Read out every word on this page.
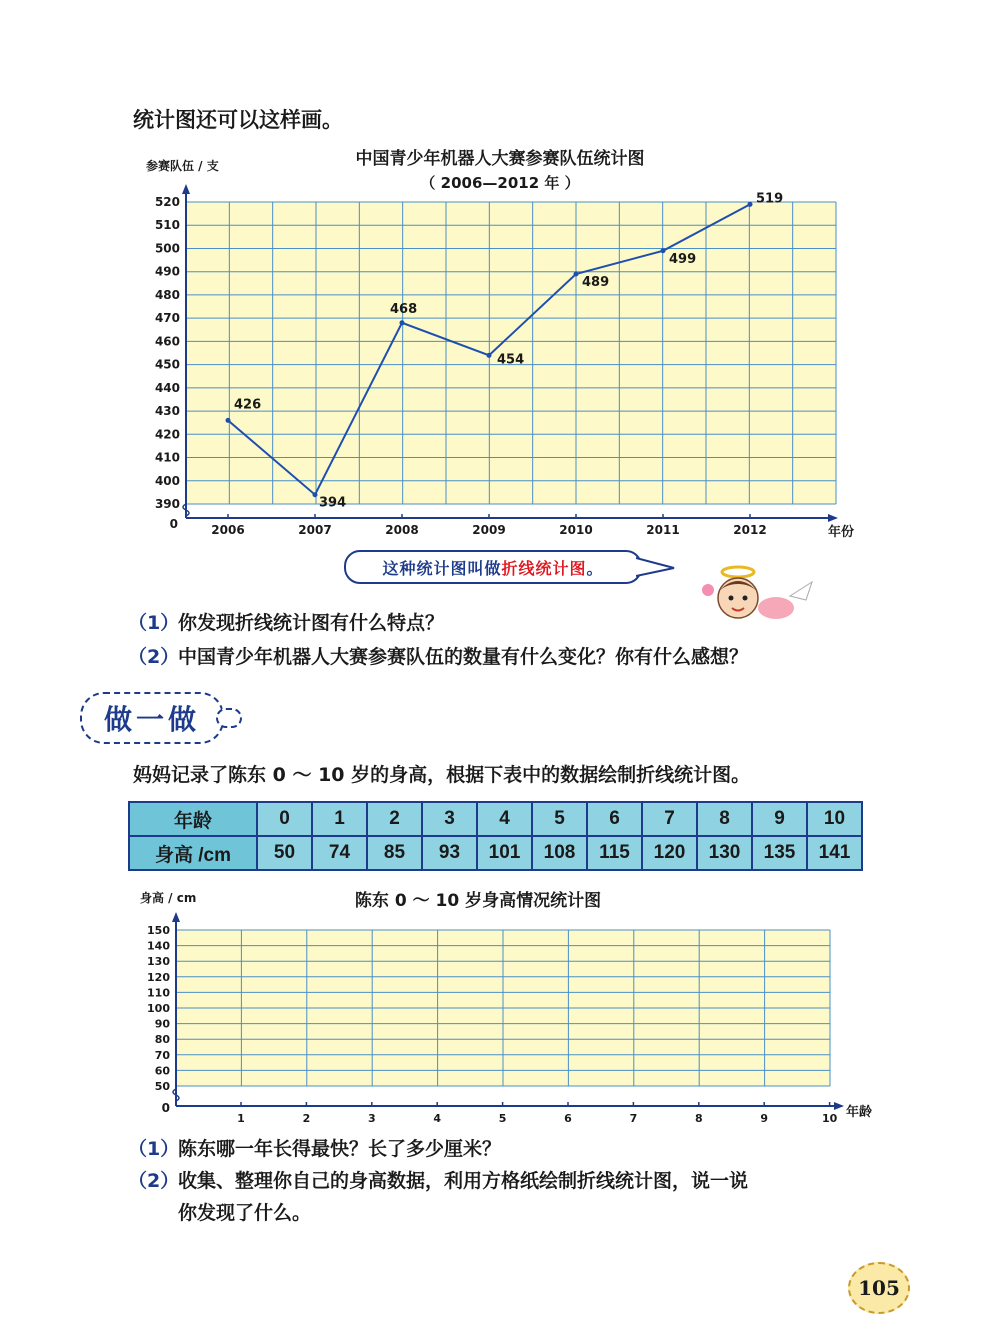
统计图还可以这样画。
中国青少年机器人大赛参赛队伍统计图
（ 2006—2012 年 ）
参赛队伍 / 支
390
400
410
420
430
440
450
460
470
480
490
500
510
520
2006	2007	2008	2009	2010	2011	2012
426
394
468
454
489
499
519
0
年份
这种统计图叫做 折线统计图 。
（1）你发现折线统计图有什么特点？
（2）中国青少年机器人大赛参赛队伍的数量有什么变化？你有什么感想？
做一做
妈妈记录了陈东 0 ～ 10 岁的身高，根据下表中的数据绘制折线统计图。
年龄	0	1	2	3	4	5	6	7	8	9	10
身高 /cm	50	74	85	93	101	108	115	120	130	135	141
陈东 0 ～ 10 岁身高情况统计图
身高 / cm
50
60
70
80
90
100
110
120
130
140
150
1	2	3	4	5	6	7	8	9	10
0	年龄
（1）陈东哪一年长得最快？长了多少厘米？
（2）收集、整理你自己的身高数据，利用方格纸绘制折线统计图，说一说
你发现了什么。
105
